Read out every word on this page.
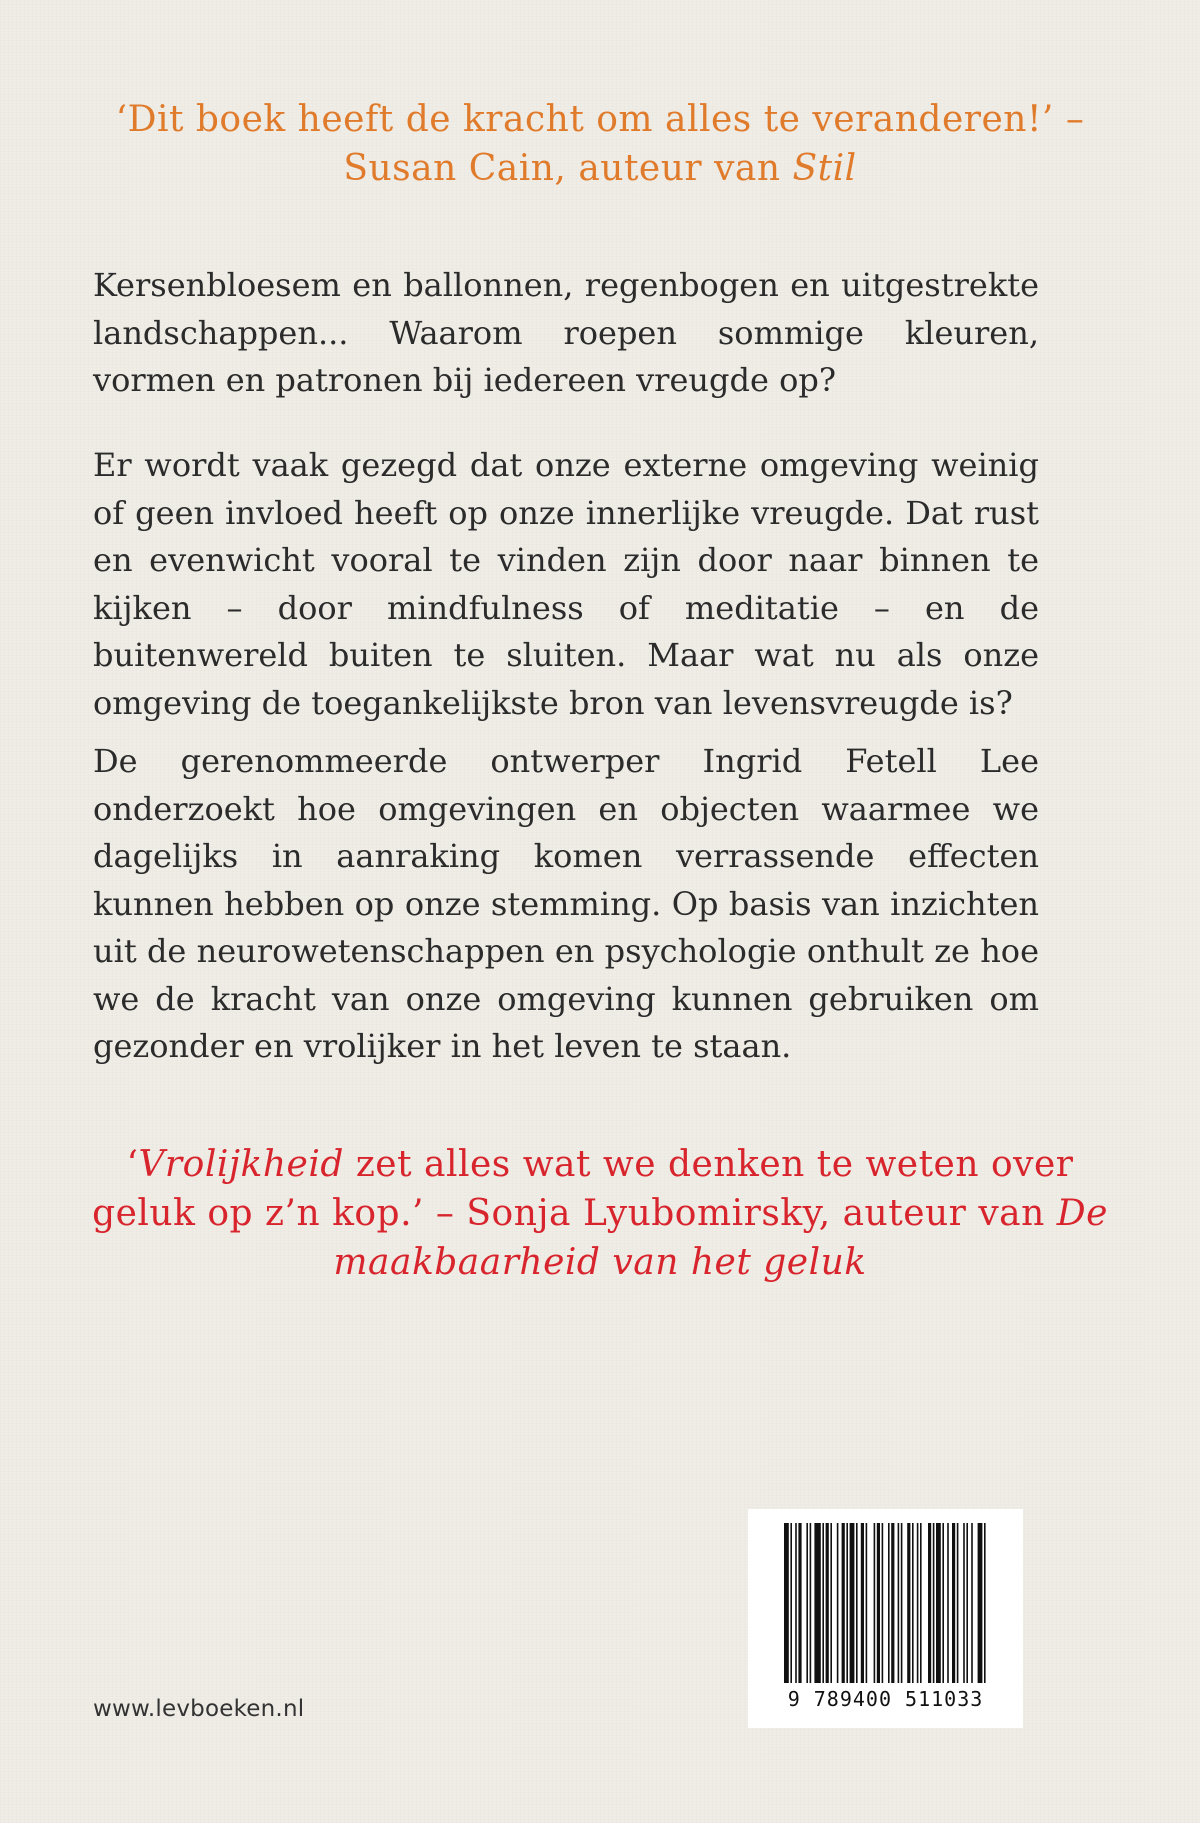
‘Dit boek heeft de kracht om alles te veranderen!’ – Susan Cain, auteur van Stil

Kersenbloesem en ballonnen, regenbogen en uitgestrekte landschappen... Waarom roepen sommige kleuren, vormen en patronen bij iedereen vreugde op?

Er wordt vaak gezegd dat onze externe omgeving weinig of geen invloed heeft op onze innerlijke vreugde. Dat rust en evenwicht vooral te vinden zijn door naar binnen te kijken – door mindfulness of meditatie – en de buitenwereld buiten te sluiten. Maar wat nu als onze omgeving de toegankelijkste bron van levensvreugde is?

De gerenommeerde ontwerper Ingrid Fetell Lee onderzoekt hoe omgevingen en objecten waarmee we dagelijks in aanraking komen verrassende effecten kunnen hebben op onze stemming. Op basis van inzichten uit de neurowetenschappen en psychologie onthult ze hoe we de kracht van onze omgeving kunnen gebruiken om gezonder en vrolijker in het leven te staan.

‘Vrolijkheid zet alles wat we denken te weten over geluk op z’n kop.’ – Sonja Lyubomirsky, auteur van De maakbaarheid van het geluk

www.levboeken.nl	9 789400 511033
